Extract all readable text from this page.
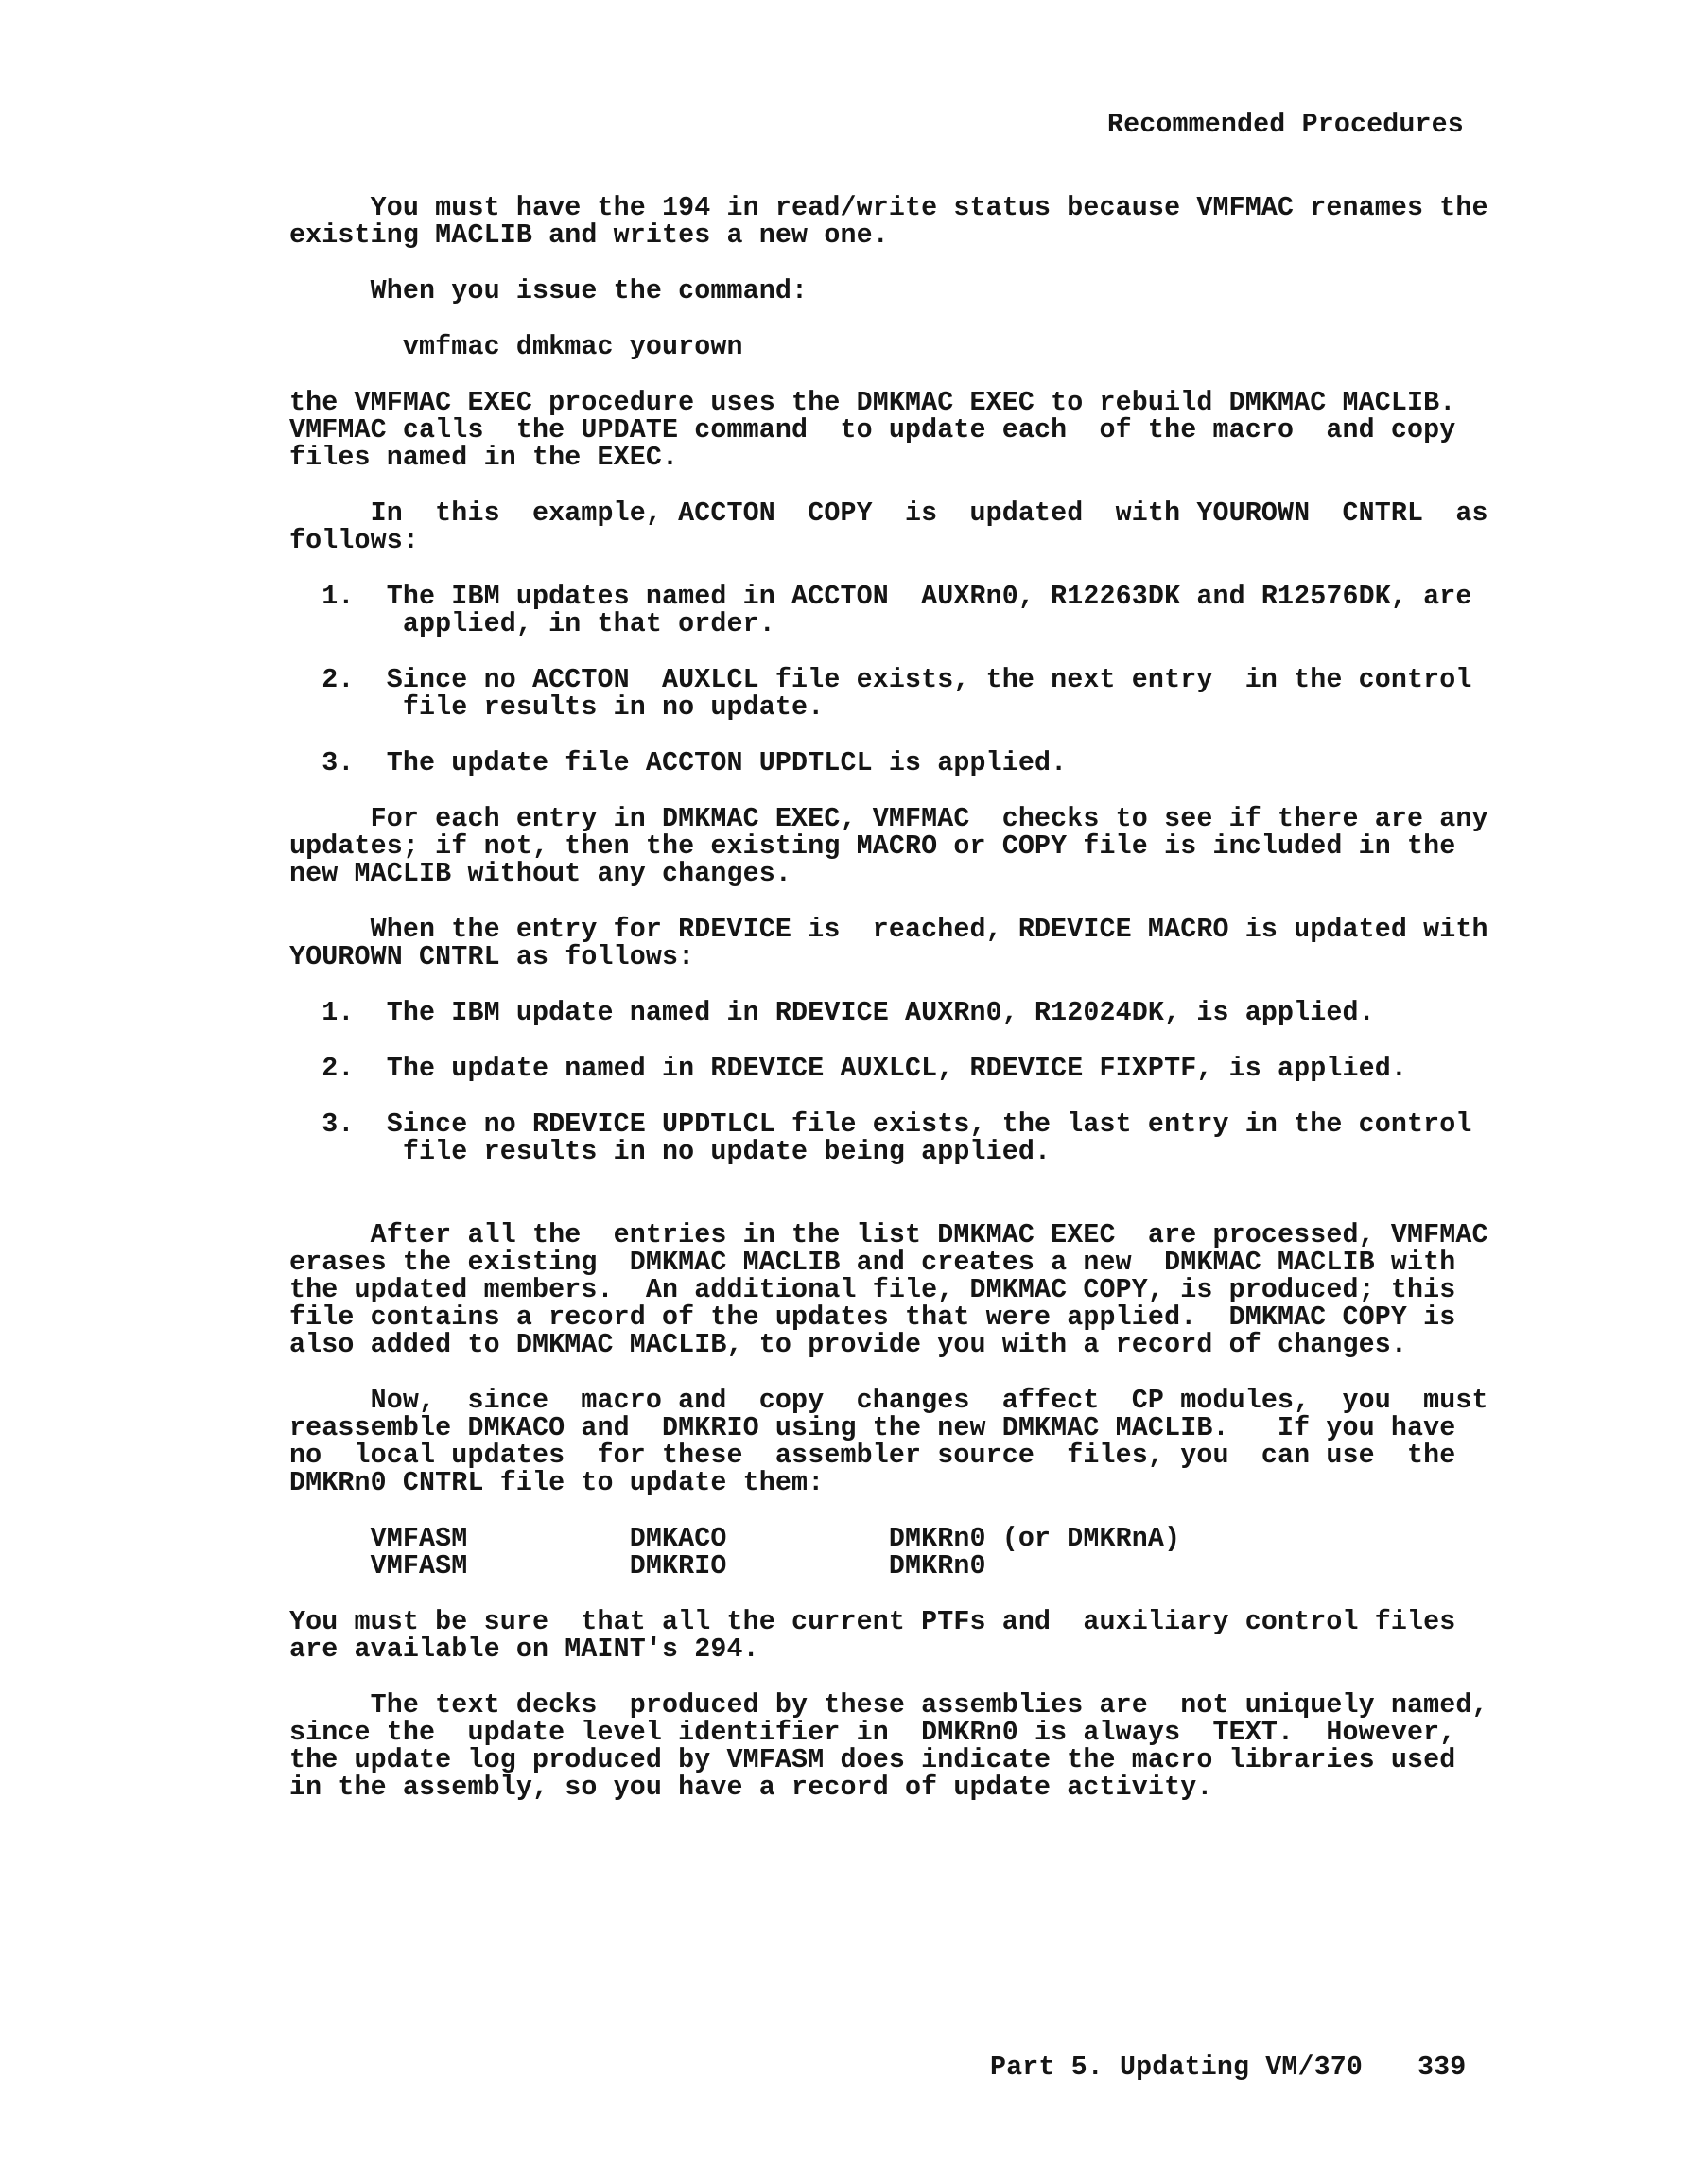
Recommended Procedures
You must have the 194 in read/write status because VMFMAC renames the
existing MACLIB and writes a new one.
When you issue the command:
vmfmac dmkmac yourown
the VMFMAC EXEC procedure uses the DMKMAC EXEC to rebuild DMKMAC MACLIB.
VMFMAC calls  the UPDATE command  to update each  of the macro  and copy
files named in the EXEC.
In  this  example, ACCTON  COPY  is  updated  with YOUROWN  CNTRL  as
follows:
1.  The IBM updates named in ACCTON  AUXRn0, R12263DK and R12576DK, are
applied, in that order.
2.  Since no ACCTON  AUXLCL file exists, the next entry  in the control
file results in no update.
3.  The update file ACCTON UPDTLCL is applied.
For each entry in DMKMAC EXEC, VMFMAC  checks to see if there are any
updates; if not, then the existing MACRO or COPY file is included in the
new MACLIB without any changes.
When the entry for RDEVICE is  reached, RDEVICE MACRO is updated with
YOUROWN CNTRL as follows:
1.  The IBM update named in RDEVICE AUXRn0, R12024DK, is applied.
2.  The update named in RDEVICE AUXLCL, RDEVICE FIXPTF, is applied.
3.  Since no RDEVICE UPDTLCL file exists, the last entry in the control
file results in no update being applied.
After all the  entries in the list DMKMAC EXEC  are processed, VMFMAC
erases the existing  DMKMAC MACLIB and creates a new  DMKMAC MACLIB with
the updated members.  An additional file, DMKMAC COPY, is produced; this
file contains a record of the updates that were applied.  DMKMAC COPY is
also added to DMKMAC MACLIB, to provide you with a record of changes.
Now,  since  macro and  copy  changes  affect  CP modules,  you  must
reassemble DMKACO and  DMKRIO using the new DMKMAC MACLIB.   If you have
no  local updates  for these  assembler source  files, you  can use  the
DMKRn0 CNTRL file to update them:
VMFASM          DMKACO          DMKRn0 (or DMKRnA)
VMFASM          DMKRIO          DMKRn0
You must be sure  that all the current PTFs and  auxiliary control files
are available on MAINT's 294.
The text decks  produced by these assemblies are  not uniquely named,
since the  update level identifier in  DMKRn0 is always  TEXT.  However,
the update log produced by VMFASM does indicate the macro libraries used
in the assembly, so you have a record of update activity.
Part 5. Updating VM/370 339
